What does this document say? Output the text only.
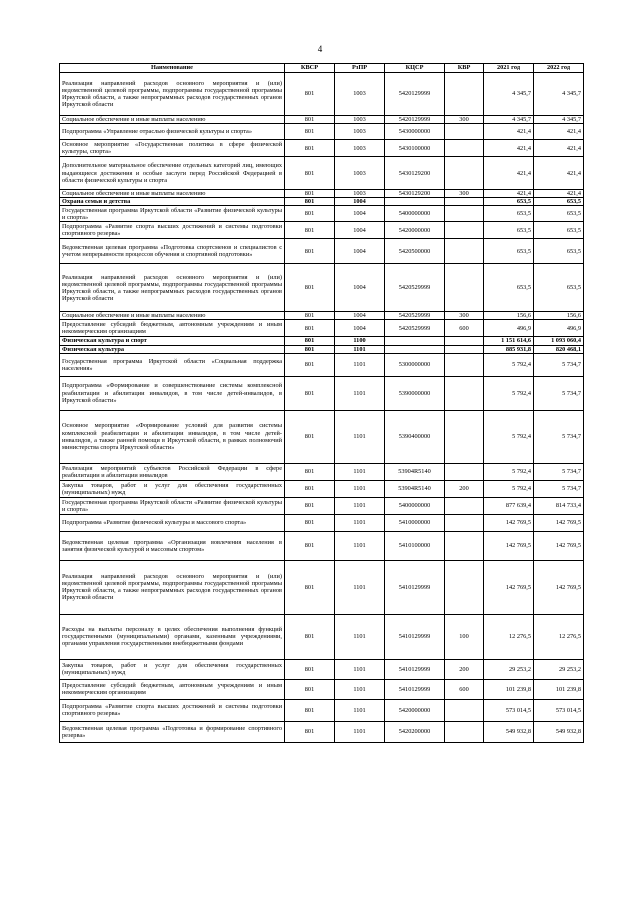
4
Наименование	КВСР	РзПР	КЦСР	КВР	2021 год	2022 год
Реализация направлений расходов основного мероприятия и (или) ведомственной целевой программы, подпрограммы государственной программы Иркутской области, а также непрограммных расходов государственных органов Иркутской области	801	1003	5420129999		4 345,7	4 345,7
Социальное обеспечение и иные выплаты населению	801	1003	5420129999	300	4 345,7	4 345,7
Подпрограмма «Управление отраслью физической культуры и спорта»	801	1003	5430000000		421,4	421,4
Основное мероприятие «Государственная политика в сфере физической культуры, спорта»	801	1003	5430100000		421,4	421,4
Дополнительное материальное обеспечение отдельных категорий лиц, имеющих выдающиеся достижения и особые заслуги перед Российской Федерацией в области физической культуры и спорта	801	1003	5430129200		421,4	421,4
Социальное обеспечение и иные выплаты населению	801	1003	5430129200	300	421,4	421,4
Охрана семьи и детства	801	1004			653,5	653,5
Государственная программа Иркутской области «Развитие физической культуры и спорта»	801	1004	5400000000		653,5	653,5
Подпрограмма «Развитие спорта высших достижений и системы подготовки спортивного резерва»	801	1004	5420000000		653,5	653,5
Ведомственная целевая программа «Подготовка спортсменов и специалистов с учетом непрерывности процессов обучения и спортивной подготовки»	801	1004	5420500000		653,5	653,5
Реализация направлений расходов основного мероприятия и (или) ведомственной целевой программы, подпрограммы государственной программы Иркутской области, а также непрограммных расходов государственных органов Иркутской области	801	1004	5420529999		653,5	653,5
Социальное обеспечение и иные выплаты населению	801	1004	5420529999	300	156,6	156,6
Предоставление субсидий бюджетным, автономным учреждениям и иным некоммерческим организациям	801	1004	5420529999	600	496,9	496,9
Физическая культура и спорт	801	1100			1 151 614,6	1 093 060,4
Физическая культура	801	1101			885 931,8	820 468,1
Государственная программа Иркутской области «Социальная поддержка населения»	801	1101	5300000000		5 792,4	5 734,7
Подпрограмма «Формирование и совершенствование системы комплексной реабилитации и абилитации инвалидов, в том числе детей-инвалидов, в Иркутской области»	801	1101	5390000000		5 792,4	5 734,7
Основное мероприятие «Формирование условий для развития системы комплексной реабилитации и абилитации инвалидов, в том числе детей-инвалидов, а также ранней помощи в Иркутской области, в рамках полномочий министерства спорта Иркутской области»	801	1101	5390400000		5 792,4	5 734,7
Реализация мероприятий субъектов Российской Федерации в сфере реабилитации и абилитации инвалидов	801	1101	53904R5140		5 792,4	5 734,7
Закупка товаров, работ и услуг для обеспечения государственных (муниципальных) нужд	801	1101	53904R5140	200	5 792,4	5 734,7
Государственная программа Иркутской области «Развитие физической культуры и спорта»	801	1101	5400000000		877 639,4	814 733,4
Подпрограмма «Развитие физической культуры и массового спорта»	801	1101	5410000000		142 769,5	142 769,5
Ведомственная целевая программа «Организация вовлечения населения в занятия физической культурой и массовым спортом»	801	1101	5410100000		142 769,5	142 769,5
Реализация направлений расходов основного мероприятия и (или) ведомственной целевой программы, подпрограммы государственной программы Иркутской области, а также непрограммных расходов государственных органов Иркутской области	801	1101	5410129999		142 769,5	142 769,5
Расходы на выплаты персоналу в целях обеспечения выполнения функций государственными (муниципальными) органами, казенными учреждениями, органами управления государственными внебюджетными фондами	801	1101	5410129999	100	12 276,5	12 276,5
Закупка товаров, работ и услуг для обеспечения государственных (муниципальных) нужд	801	1101	5410129999	200	29 253,2	29 253,2
Предоставление субсидий бюджетным, автономным учреждениям и иным некоммерческим организациям	801	1101	5410129999	600	101 239,8	101 239,8
Подпрограмма «Развитие спорта высших достижений и системы подготовки спортивного резерва»	801	1101	5420000000		573 014,5	573 014,5
Ведомственная целевая программа «Подготовка и формирование спортивного резерва»	801	1101	5420200000		549 932,8	549 932,8
